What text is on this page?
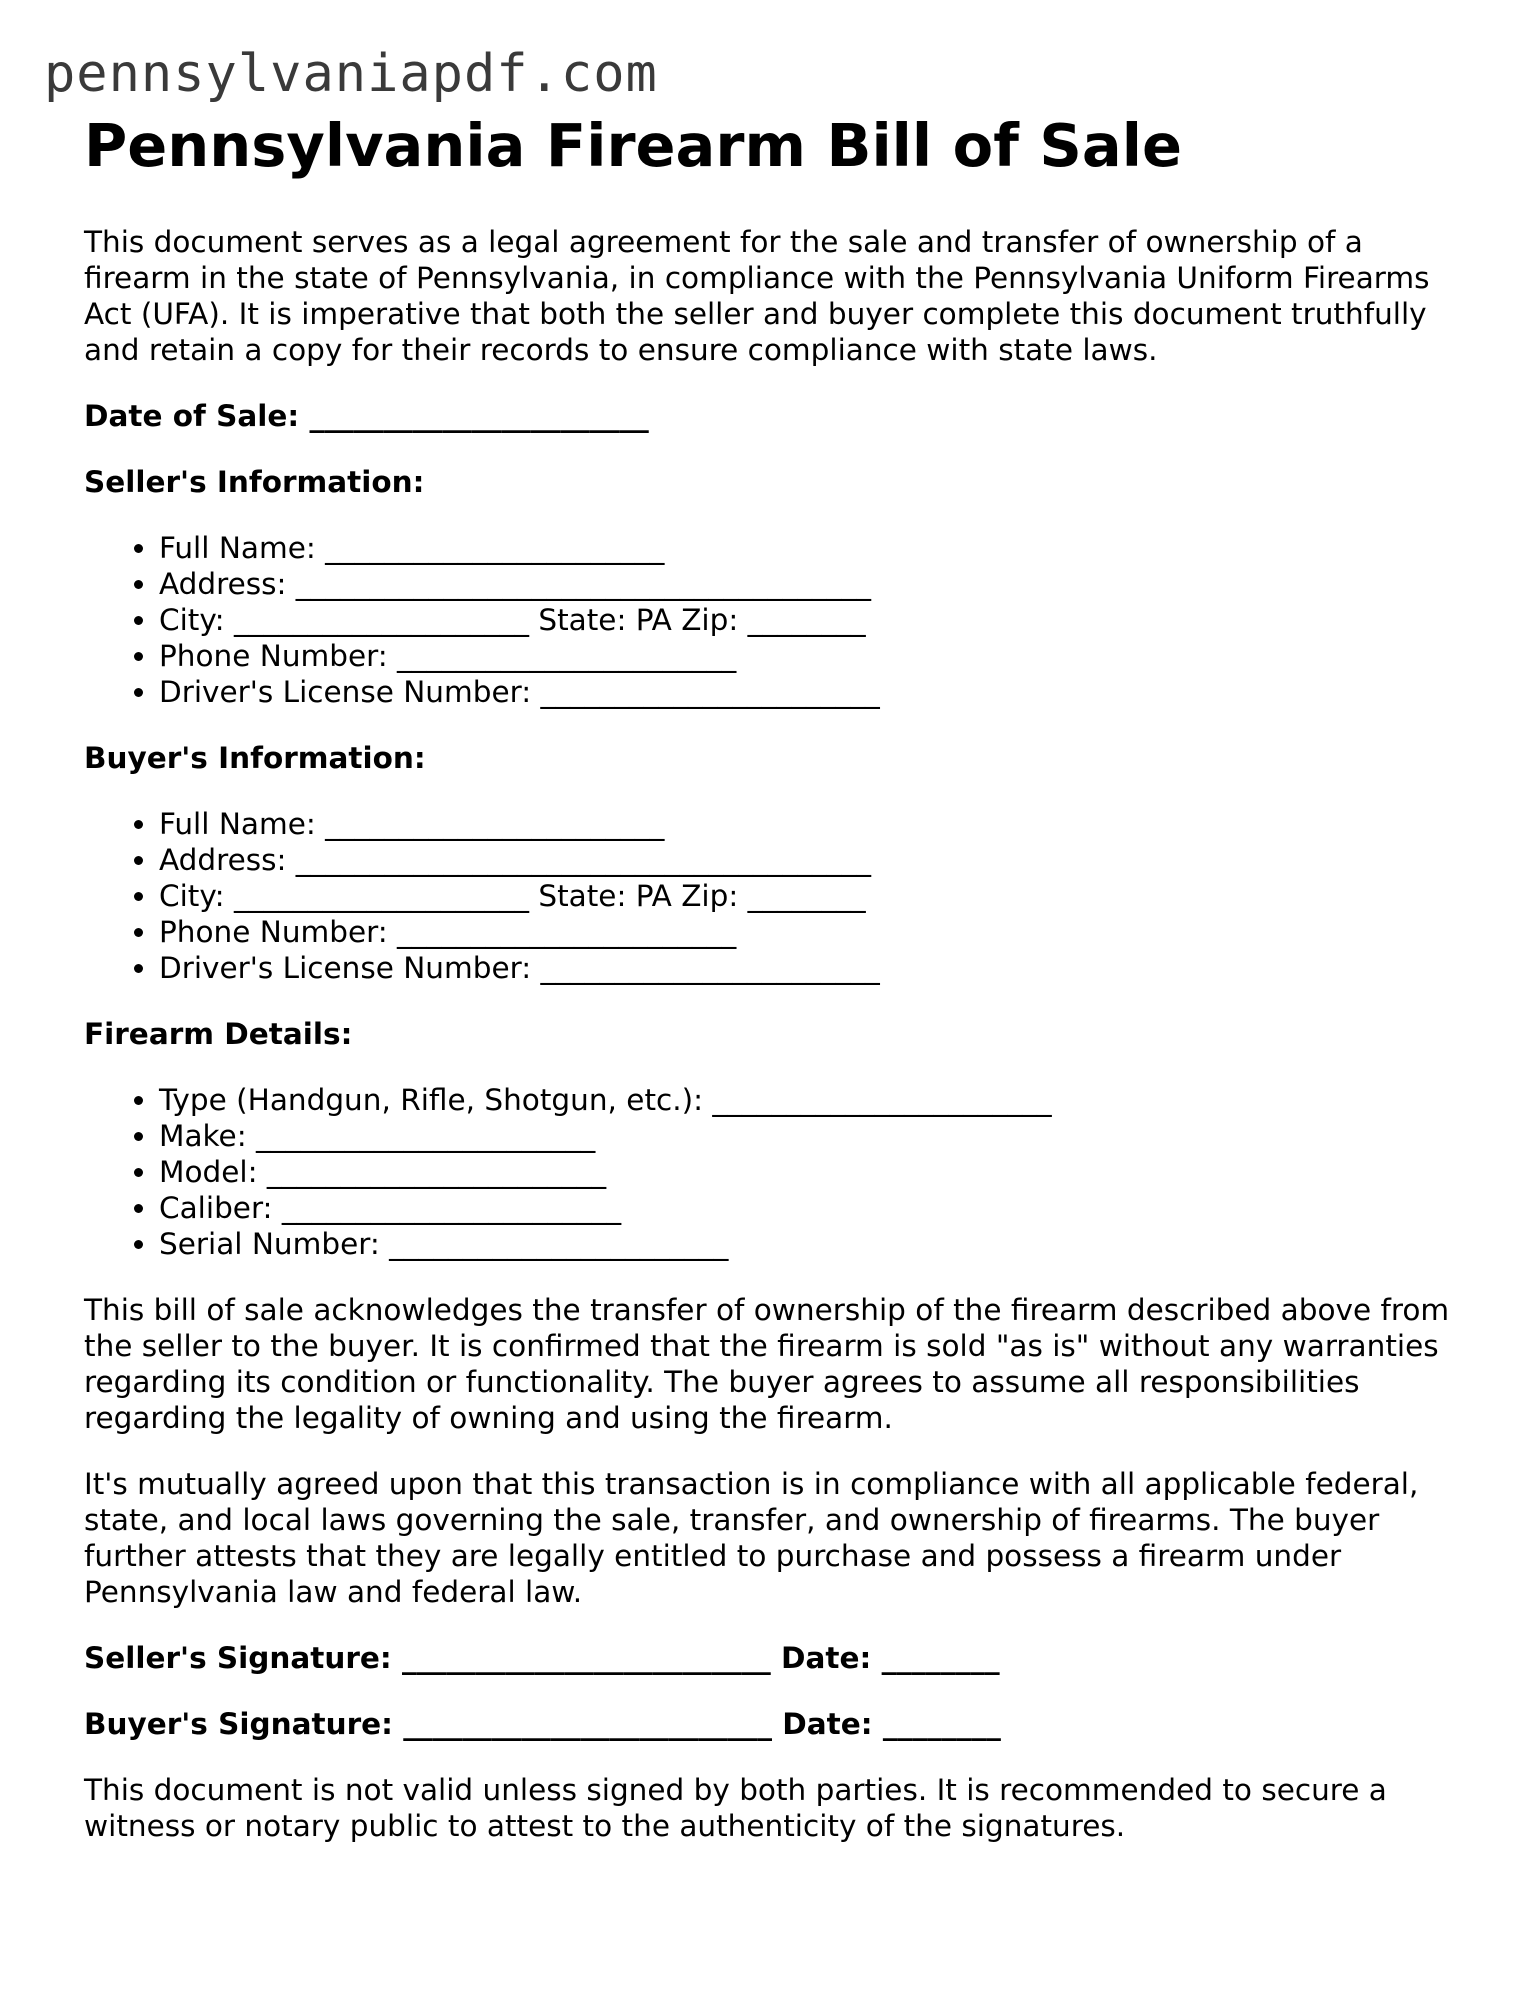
pennsylvaniapdf.com
Pennsylvania Firearm Bill of Sale

This document serves as a legal agreement for the sale and transfer of ownership of a firearm in the state of Pennsylvania, in compliance with the Pennsylvania Uniform Firearms Act (UFA). It is imperative that both the seller and buyer complete this document truthfully and retain a copy for their records to ensure compliance with state laws.

Date of Sale: _______________________

Seller's Information:
• Full Name: _______________________
• Address: _______________________________________
• City: ____________________ State: PA Zip: ________
• Phone Number: _______________________
• Driver's License Number: _______________________
Buyer's Information:
• Full Name: _______________________
• Address: _______________________________________
• City: ____________________ State: PA Zip: ________
• Phone Number: _______________________
• Driver's License Number: _______________________
Firearm Details:
• Type (Handgun, Rifle, Shotgun, etc.): _______________________
• Make: _______________________
• Model: _______________________
• Caliber: _______________________
• Serial Number: _______________________

This bill of sale acknowledges the transfer of ownership of the firearm described above from the seller to the buyer. It is confirmed that the firearm is sold "as is" without any warranties regarding its condition or functionality. The buyer agrees to assume all responsibilities regarding the legality of owning and using the firearm.

It's mutually agreed upon that this transaction is in compliance with all applicable federal, state, and local laws governing the sale, transfer, and ownership of firearms. The buyer further attests that they are legally entitled to purchase and possess a firearm under Pennsylvania law and federal law.

Seller's Signature: _________________________ Date: ________

Buyer's Signature: _________________________ Date: ________

This document is not valid unless signed by both parties. It is recommended to secure a witness or notary public to attest to the authenticity of the signatures.
